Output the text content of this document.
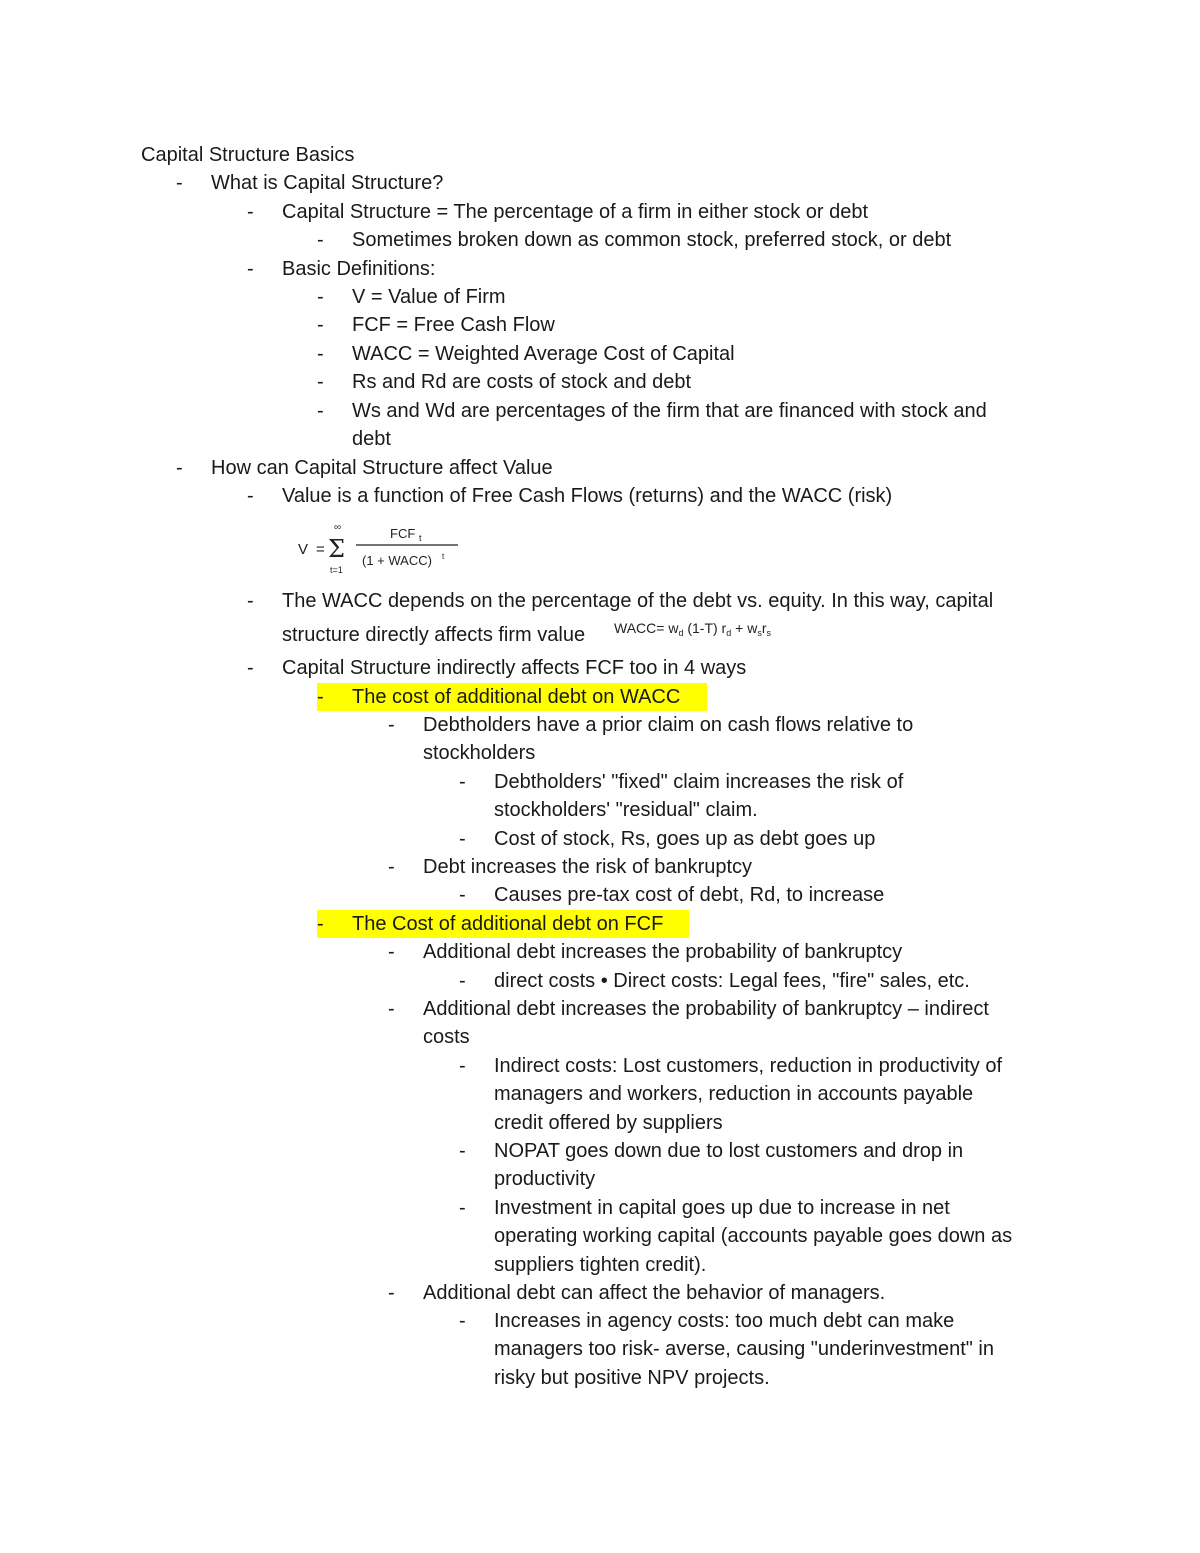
Capital Structure Basics
-	What is Capital Structure?
-	Capital Structure = The percentage of a firm in either stock or debt
-	Sometimes broken down as common stock, preferred stock, or debt
-	Basic Definitions:
-	V = Value of Firm
-	FCF = Free Cash Flow
-	WACC = Weighted Average Cost of Capital
-	Rs and Rd are costs of stock and debt
-	Ws and Wd are percentages of the firm that are financed with stock and
debt
-	How can Capital Structure affect Value
-	Value is a function of Free Cash Flows (returns) and the WACC (risk)
V = Σ
∞
t=1
FCF t
(1 + WACC) t
-	The WACC depends on the percentage of the debt vs. equity. In this way, capital
structure directly affects firm value	WACC= $w_d$ (1-T) $r_d + w_sr_s$
-	Capital Structure indirectly affects FCF too in 4 ways
-	The cost of additional debt on WACC
-	Debtholders have a prior claim on cash flows relative to
stockholders
-	Debtholders' "fixed" claim increases the risk of
stockholders' "residual" claim.
-	Cost of stock, Rs, goes up as debt goes up
-	Debt increases the risk of bankruptcy
-	Causes pre-tax cost of debt, Rd, to increase
-	The Cost of additional debt on FCF
-	Additional debt increases the probability of bankruptcy
-	direct costs • Direct costs: Legal fees, "fire" sales, etc.
-	Additional debt increases the probability of bankruptcy – indirect
costs
-	Indirect costs: Lost customers, reduction in productivity of
managers and workers, reduction in accounts payable
credit offered by suppliers
-	NOPAT goes down due to lost customers and drop in
productivity
-	Investment in capital goes up due to increase in net
operating working capital (accounts payable goes down as
suppliers tighten credit).
-	Additional debt can affect the behavior of managers.
-	Increases in agency costs: too much debt can make
managers too risk- averse, causing "underinvestment" in
risky but positive NPV projects.
